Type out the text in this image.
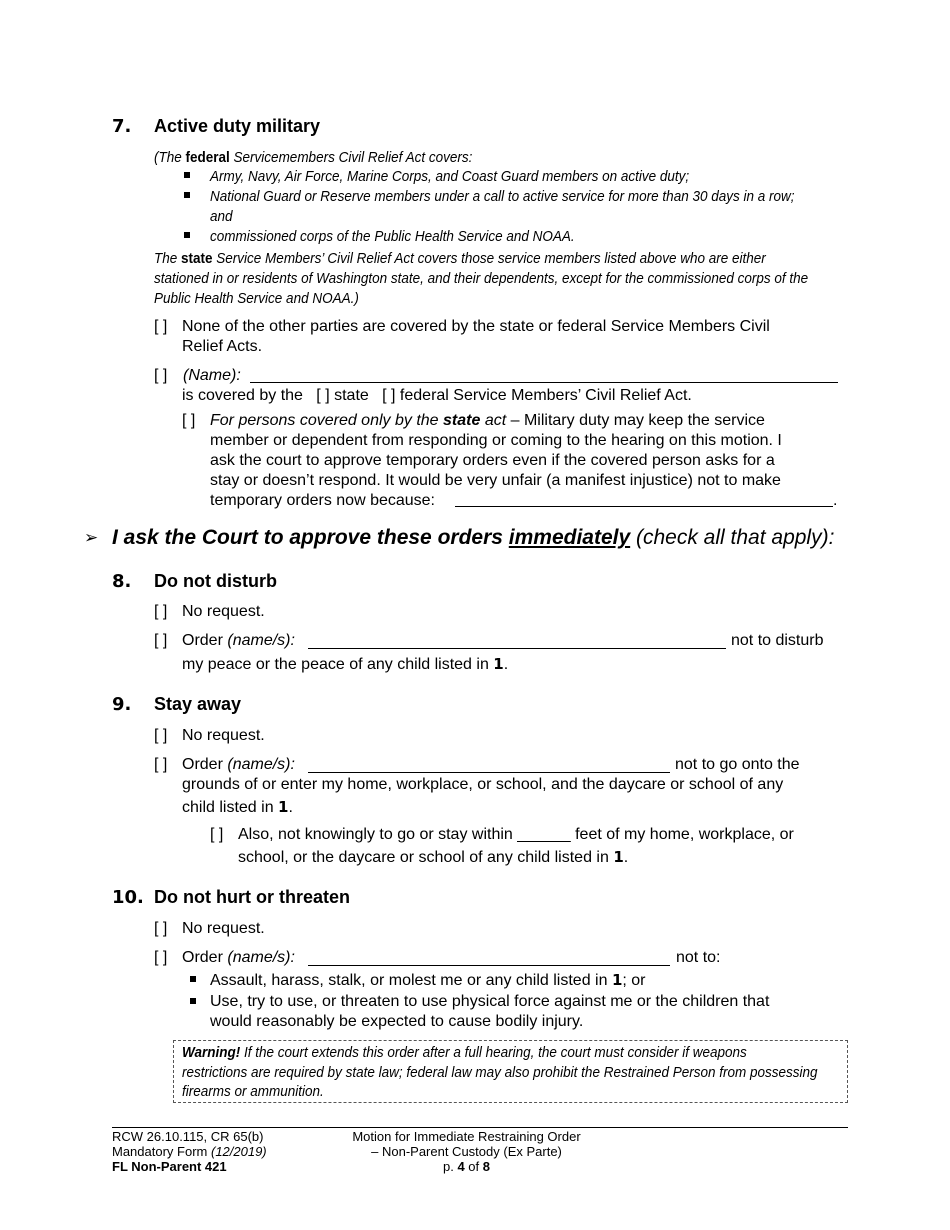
7. Active duty military
(The federal Servicemembers Civil Relief Act covers:
Army, Navy, Air Force, Marine Corps, and Coast Guard members on active duty;
National Guard or Reserve members under a call to active service for more than 30 days in a row;
and
commissioned corps of the Public Health Service and NOAA.
The state Service Members’ Civil Relief Act covers those service members listed above who are either
stationed in or residents of Washington state, and their dependents, except for the commissioned corps of the
Public Health Service and NOAA.)
[ ] None of the other parties are covered by the state or federal Service Members Civil
Relief Acts.
[ ] (Name):
is covered by the [ ] state [ ] federal Service Members’ Civil Relief Act.
[ ] For persons covered only by the state act – Military duty may keep the service
member or dependent from responding or coming to the hearing on this motion. I
ask the court to approve temporary orders even if the covered person asks for a
stay or doesn’t respond. It would be very unfair (a manifest injustice) not to make
temporary orders now because:	.
➢ I ask the Court to approve these orders immediately (check all that apply):
8. Do not disturb
[ ] No request.
[ ] Order (name/s):	not to disturb
my peace or the peace of any child listed in 1.
9. Stay away
[ ] No request.
[ ] Order (name/s):	not to go onto the
grounds of or enter my home, workplace, or school, and the daycare or school of any
child listed in 1.
[ ] Also, not knowingly to go or stay within ______ feet of my home, workplace, or
school, or the daycare or school of any child listed in 1.
10. Do not hurt or threaten
[ ] No request.
[ ] Order (name/s):	not to:
Assault, harass, stalk, or molest me or any child listed in 1; or
Use, try to use, or threaten to use physical force against me or the children that
would reasonably be expected to cause bodily injury.
Warning! If the court extends this order after a full hearing, the court must consider if weapons
restrictions are required by state law; federal law may also prohibit the Restrained Person from possessing
firearms or ammunition.
RCW 26.10.115, CR 65(b)
Mandatory Form (12/2019)
FL Non-Parent 421
Motion for Immediate Restraining Order
– Non-Parent Custody (Ex Parte)
p. 4 of 8
